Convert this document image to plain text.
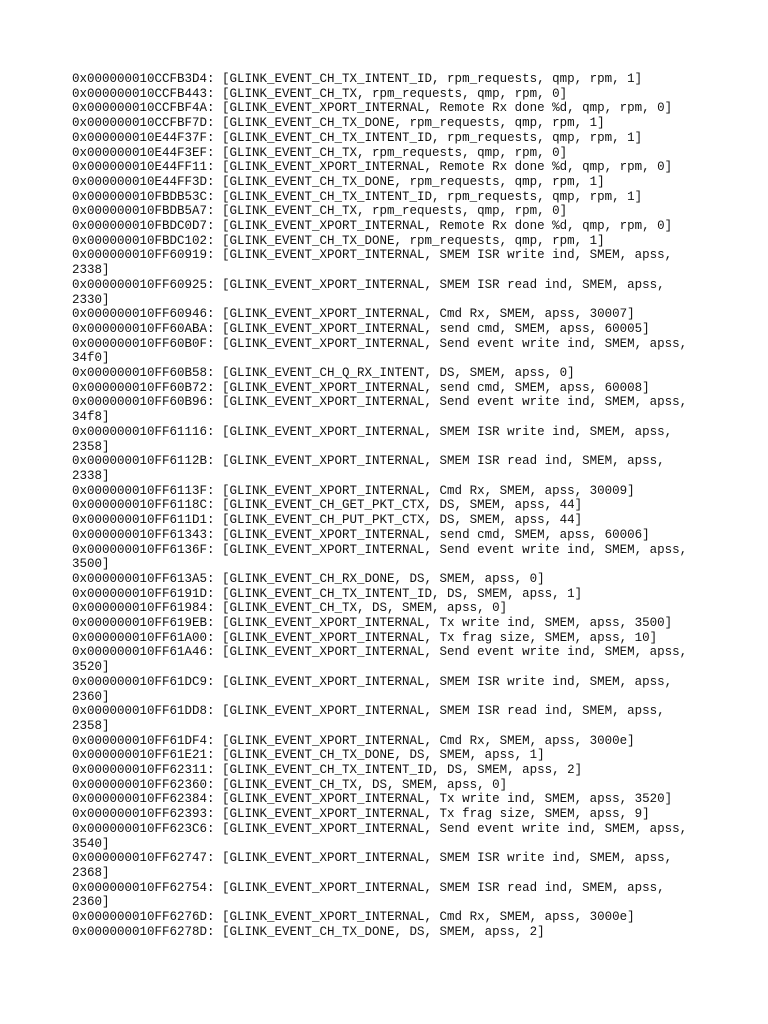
0x000000010CCFB3D4: [GLINK_EVENT_CH_TX_INTENT_ID, rpm_requests, qmp, rpm, 1]
0x000000010CCFB443: [GLINK_EVENT_CH_TX, rpm_requests, qmp, rpm, 0]
0x000000010CCFBF4A: [GLINK_EVENT_XPORT_INTERNAL, Remote Rx done %d, qmp, rpm, 0]
0x000000010CCFBF7D: [GLINK_EVENT_CH_TX_DONE, rpm_requests, qmp, rpm, 1]
0x000000010E44F37F: [GLINK_EVENT_CH_TX_INTENT_ID, rpm_requests, qmp, rpm, 1]
0x000000010E44F3EF: [GLINK_EVENT_CH_TX, rpm_requests, qmp, rpm, 0]
0x000000010E44FF11: [GLINK_EVENT_XPORT_INTERNAL, Remote Rx done %d, qmp, rpm, 0]
0x000000010E44FF3D: [GLINK_EVENT_CH_TX_DONE, rpm_requests, qmp, rpm, 1]
0x000000010FBDB53C: [GLINK_EVENT_CH_TX_INTENT_ID, rpm_requests, qmp, rpm, 1]
0x000000010FBDB5A7: [GLINK_EVENT_CH_TX, rpm_requests, qmp, rpm, 0]
0x000000010FBDC0D7: [GLINK_EVENT_XPORT_INTERNAL, Remote Rx done %d, qmp, rpm, 0]
0x000000010FBDC102: [GLINK_EVENT_CH_TX_DONE, rpm_requests, qmp, rpm, 1]
0x000000010FF60919: [GLINK_EVENT_XPORT_INTERNAL, SMEM ISR write ind, SMEM, apss,
2338]
0x000000010FF60925: [GLINK_EVENT_XPORT_INTERNAL, SMEM ISR read ind, SMEM, apss,
2330]
0x000000010FF60946: [GLINK_EVENT_XPORT_INTERNAL, Cmd Rx, SMEM, apss, 30007]
0x000000010FF60ABA: [GLINK_EVENT_XPORT_INTERNAL, send cmd, SMEM, apss, 60005]
0x000000010FF60B0F: [GLINK_EVENT_XPORT_INTERNAL, Send event write ind, SMEM, apss,
34f0]
0x000000010FF60B58: [GLINK_EVENT_CH_Q_RX_INTENT, DS, SMEM, apss, 0]
0x000000010FF60B72: [GLINK_EVENT_XPORT_INTERNAL, send cmd, SMEM, apss, 60008]
0x000000010FF60B96: [GLINK_EVENT_XPORT_INTERNAL, Send event write ind, SMEM, apss,
34f8]
0x000000010FF61116: [GLINK_EVENT_XPORT_INTERNAL, SMEM ISR write ind, SMEM, apss,
2358]
0x000000010FF6112B: [GLINK_EVENT_XPORT_INTERNAL, SMEM ISR read ind, SMEM, apss,
2338]
0x000000010FF6113F: [GLINK_EVENT_XPORT_INTERNAL, Cmd Rx, SMEM, apss, 30009]
0x000000010FF6118C: [GLINK_EVENT_CH_GET_PKT_CTX, DS, SMEM, apss, 44]
0x000000010FF611D1: [GLINK_EVENT_CH_PUT_PKT_CTX, DS, SMEM, apss, 44]
0x000000010FF61343: [GLINK_EVENT_XPORT_INTERNAL, send cmd, SMEM, apss, 60006]
0x000000010FF6136F: [GLINK_EVENT_XPORT_INTERNAL, Send event write ind, SMEM, apss,
3500]
0x000000010FF613A5: [GLINK_EVENT_CH_RX_DONE, DS, SMEM, apss, 0]
0x000000010FF6191D: [GLINK_EVENT_CH_TX_INTENT_ID, DS, SMEM, apss, 1]
0x000000010FF61984: [GLINK_EVENT_CH_TX, DS, SMEM, apss, 0]
0x000000010FF619EB: [GLINK_EVENT_XPORT_INTERNAL, Tx write ind, SMEM, apss, 3500]
0x000000010FF61A00: [GLINK_EVENT_XPORT_INTERNAL, Tx frag size, SMEM, apss, 10]
0x000000010FF61A46: [GLINK_EVENT_XPORT_INTERNAL, Send event write ind, SMEM, apss,
3520]
0x000000010FF61DC9: [GLINK_EVENT_XPORT_INTERNAL, SMEM ISR write ind, SMEM, apss,
2360]
0x000000010FF61DD8: [GLINK_EVENT_XPORT_INTERNAL, SMEM ISR read ind, SMEM, apss,
2358]
0x000000010FF61DF4: [GLINK_EVENT_XPORT_INTERNAL, Cmd Rx, SMEM, apss, 3000e]
0x000000010FF61E21: [GLINK_EVENT_CH_TX_DONE, DS, SMEM, apss, 1]
0x000000010FF62311: [GLINK_EVENT_CH_TX_INTENT_ID, DS, SMEM, apss, 2]
0x000000010FF62360: [GLINK_EVENT_CH_TX, DS, SMEM, apss, 0]
0x000000010FF62384: [GLINK_EVENT_XPORT_INTERNAL, Tx write ind, SMEM, apss, 3520]
0x000000010FF62393: [GLINK_EVENT_XPORT_INTERNAL, Tx frag size, SMEM, apss, 9]
0x000000010FF623C6: [GLINK_EVENT_XPORT_INTERNAL, Send event write ind, SMEM, apss,
3540]
0x000000010FF62747: [GLINK_EVENT_XPORT_INTERNAL, SMEM ISR write ind, SMEM, apss,
2368]
0x000000010FF62754: [GLINK_EVENT_XPORT_INTERNAL, SMEM ISR read ind, SMEM, apss,
2360]
0x000000010FF6276D: [GLINK_EVENT_XPORT_INTERNAL, Cmd Rx, SMEM, apss, 3000e]
0x000000010FF6278D: [GLINK_EVENT_CH_TX_DONE, DS, SMEM, apss, 2]
